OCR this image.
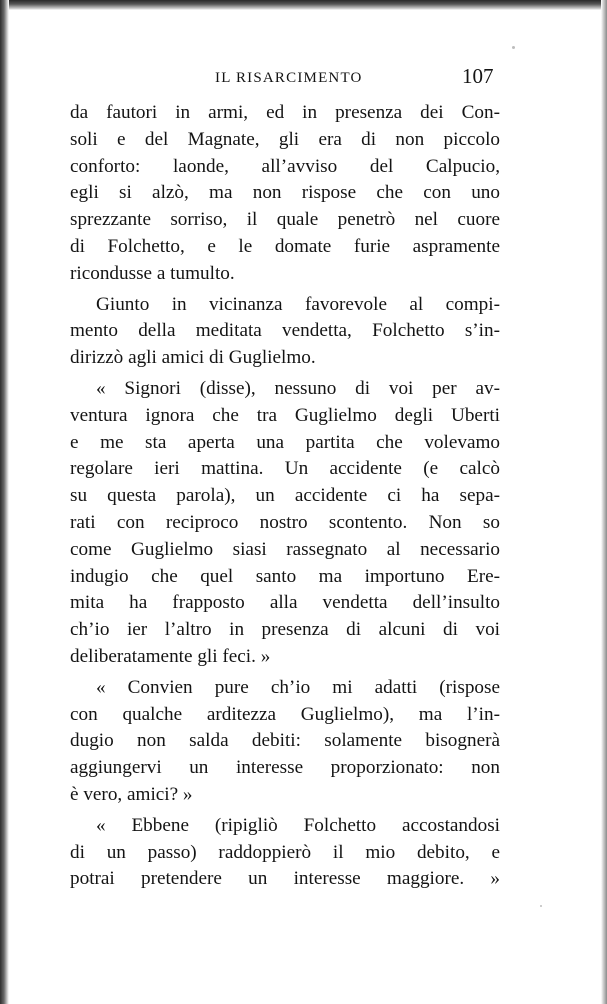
IL RISARCIMENTO	107

da fautori in armi, ed in presenza dei Con-
soli e del Magnate, gli era di non piccolo
conforto: laonde, all’avviso del Calpucio,
egli si alzò, ma non rispose che con uno
sprezzante sorriso, il quale penetrò nel cuore
di Folchetto, e le domate furie aspramente
ricondusse a tumulto.

Giunto in vicinanza favorevole al compi-
mento della meditata vendetta, Folchetto s’in-
dirizzò agli amici di Guglielmo.

« Signori (disse), nessuno di voi per av-
ventura ignora che tra Guglielmo degli Uberti
e me sta aperta una partita che volevamo
regolare ieri mattina. Un accidente (e calcò
su questa parola), un accidente ci ha sepa-
rati con reciproco nostro scontento. Non so
come Guglielmo siasi rassegnato al necessario
indugio che quel santo ma importuno Ere-
mita ha frapposto alla vendetta dell’insulto
ch’io ier l’altro in presenza di alcuni di voi
deliberatamente gli feci. »

« Convien pure ch’io mi adatti (rispose
con qualche arditezza Guglielmo), ma l’in-
dugio non salda debiti: solamente bisognerà
aggiungervi un interesse proporzionato: non
è vero, amici? »

« Ebbene (ripigliò Folchetto accostandosi
di un passo) raddoppierò il mio debito, e
potrai pretendere un interesse maggiore. »
